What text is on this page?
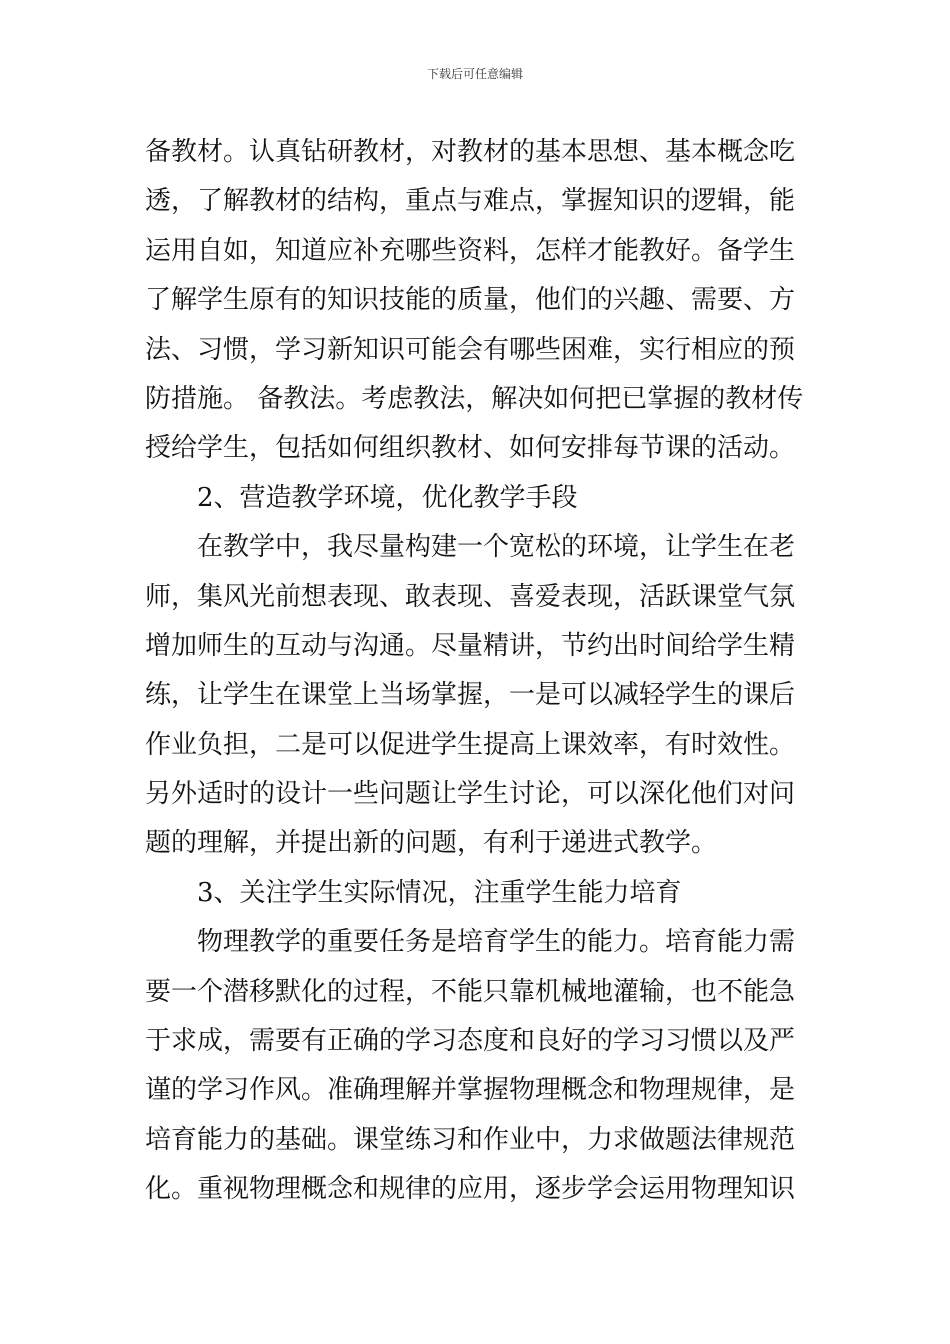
下载后可任意编辑
备教材。认真钻研教材，对教材的基本思想、基本概念吃
透，了解教材的结构，重点与难点，掌握知识的逻辑，能
运用自如，知道应补充哪些资料，怎样才能教好。备学生
了解学生原有的知识技能的质量，他们的兴趣、需要、方
法、习惯，学习新知识可能会有哪些困难，实行相应的预
防措施。 备教法。考虑教法，解决如何把已掌握的教材传
授给学生，包括如何组织教材、如何安排每节课的活动。
2、营造教学环境，优化教学手段
在教学中，我尽量构建一个宽松的环境，让学生在老
师，集风光前想表现、敢表现、喜爱表现，活跃课堂气氛
增加师生的互动与沟通。尽量精讲，节约出时间给学生精
练，让学生在课堂上当场掌握，一是可以减轻学生的课后
作业负担，二是可以促进学生提高上课效率，有时效性。
另外适时的设计一些问题让学生讨论，可以深化他们对问
题的理解，并提出新的问题，有利于递进式教学。
3、关注学生实际情况，注重学生能力培育
物理教学的重要任务是培育学生的能力。培育能力需
要一个潜移默化的过程，不能只靠机械地灌输，也不能急
于求成，需要有正确的学习态度和良好的学习习惯以及严
谨的学习作风。准确理解并掌握物理概念和物理规律，是
培育能力的基础。课堂练习和作业中，力求做题法律规范
化。重视物理概念和规律的应用，逐步学会运用物理知识
